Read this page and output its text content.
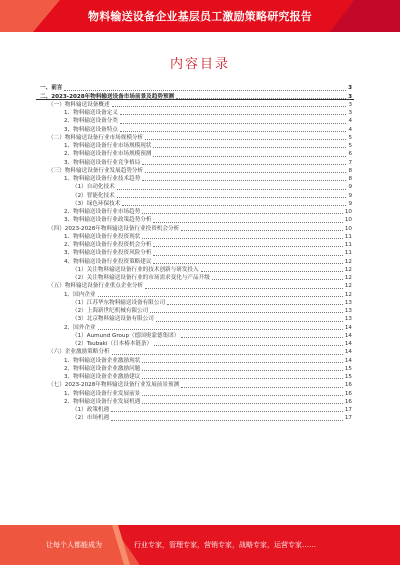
物料输送设备企业基层员工激励策略研究报告
内容目录
一、前言	3
二、2023-2028年物料输送设备市场前景及趋势预测	3
（一）物料输送设备概述	3
1、物料输送设备定义	3
2、物料输送设备分类	4
3、物料输送设备特点	4
（二）物料输送设备行业市场规模分析	5
1、物料输送设备行业市场规模现状	5
2、物料输送设备行业市场规模预测	6
3、物料输送设备行业竞争格局	7
（三）物料输送设备行业发展趋势分析	8
1、物料输送设备行业技术趋势	8
（1）自动化技术	9
（2）智能化技术	9
（3）绿色环保技术	9
2、物料输送设备行业市场趋势	10
3、物料输送设备行业政策趋势分析	10
（四）2023-2028年物料输送设备行业投资机会分析	10
1、物料输送设备行业投资现状	11
2、物料输送设备行业投资机会分析	11
3、物料输送设备行业投资风险分析	11
4、物料输送设备行业投资策略建议	12
（1）关注物料输送设备行业的技术创新与研发投入	12
（2）关注物料输送设备行业的市场需求变化与产品升级	12
（五）物料输送设备行业重点企业分析	12
1、国内企业	12
（1）江苏华东物料输送设备有限公司	13
（2）上海新世纪机械有限公司	13
（3）北京物料输送设备有限公司	13
2、国外企业	14
（1）Aumund Group（德国奥蒙德集团）	14
（2）Tsubaki（日本椿本链条）	14
（六）企业激励策略分析	14
1、物料输送设备企业激励现状	14
2、物料输送设备企业激励问题	15
3、物料输送设备企业激励建议	15
（七）2023-2028年物料输送设备行业发展前景预测	16
1、物料输送设备行业发展前景	16
2、物料输送设备行业发展机遇	16
（1）政策机遇	17
（2）市场机遇	17
让每个人都能成为	行业专家，管理专家，营销专家，战略专家，运营专家……
